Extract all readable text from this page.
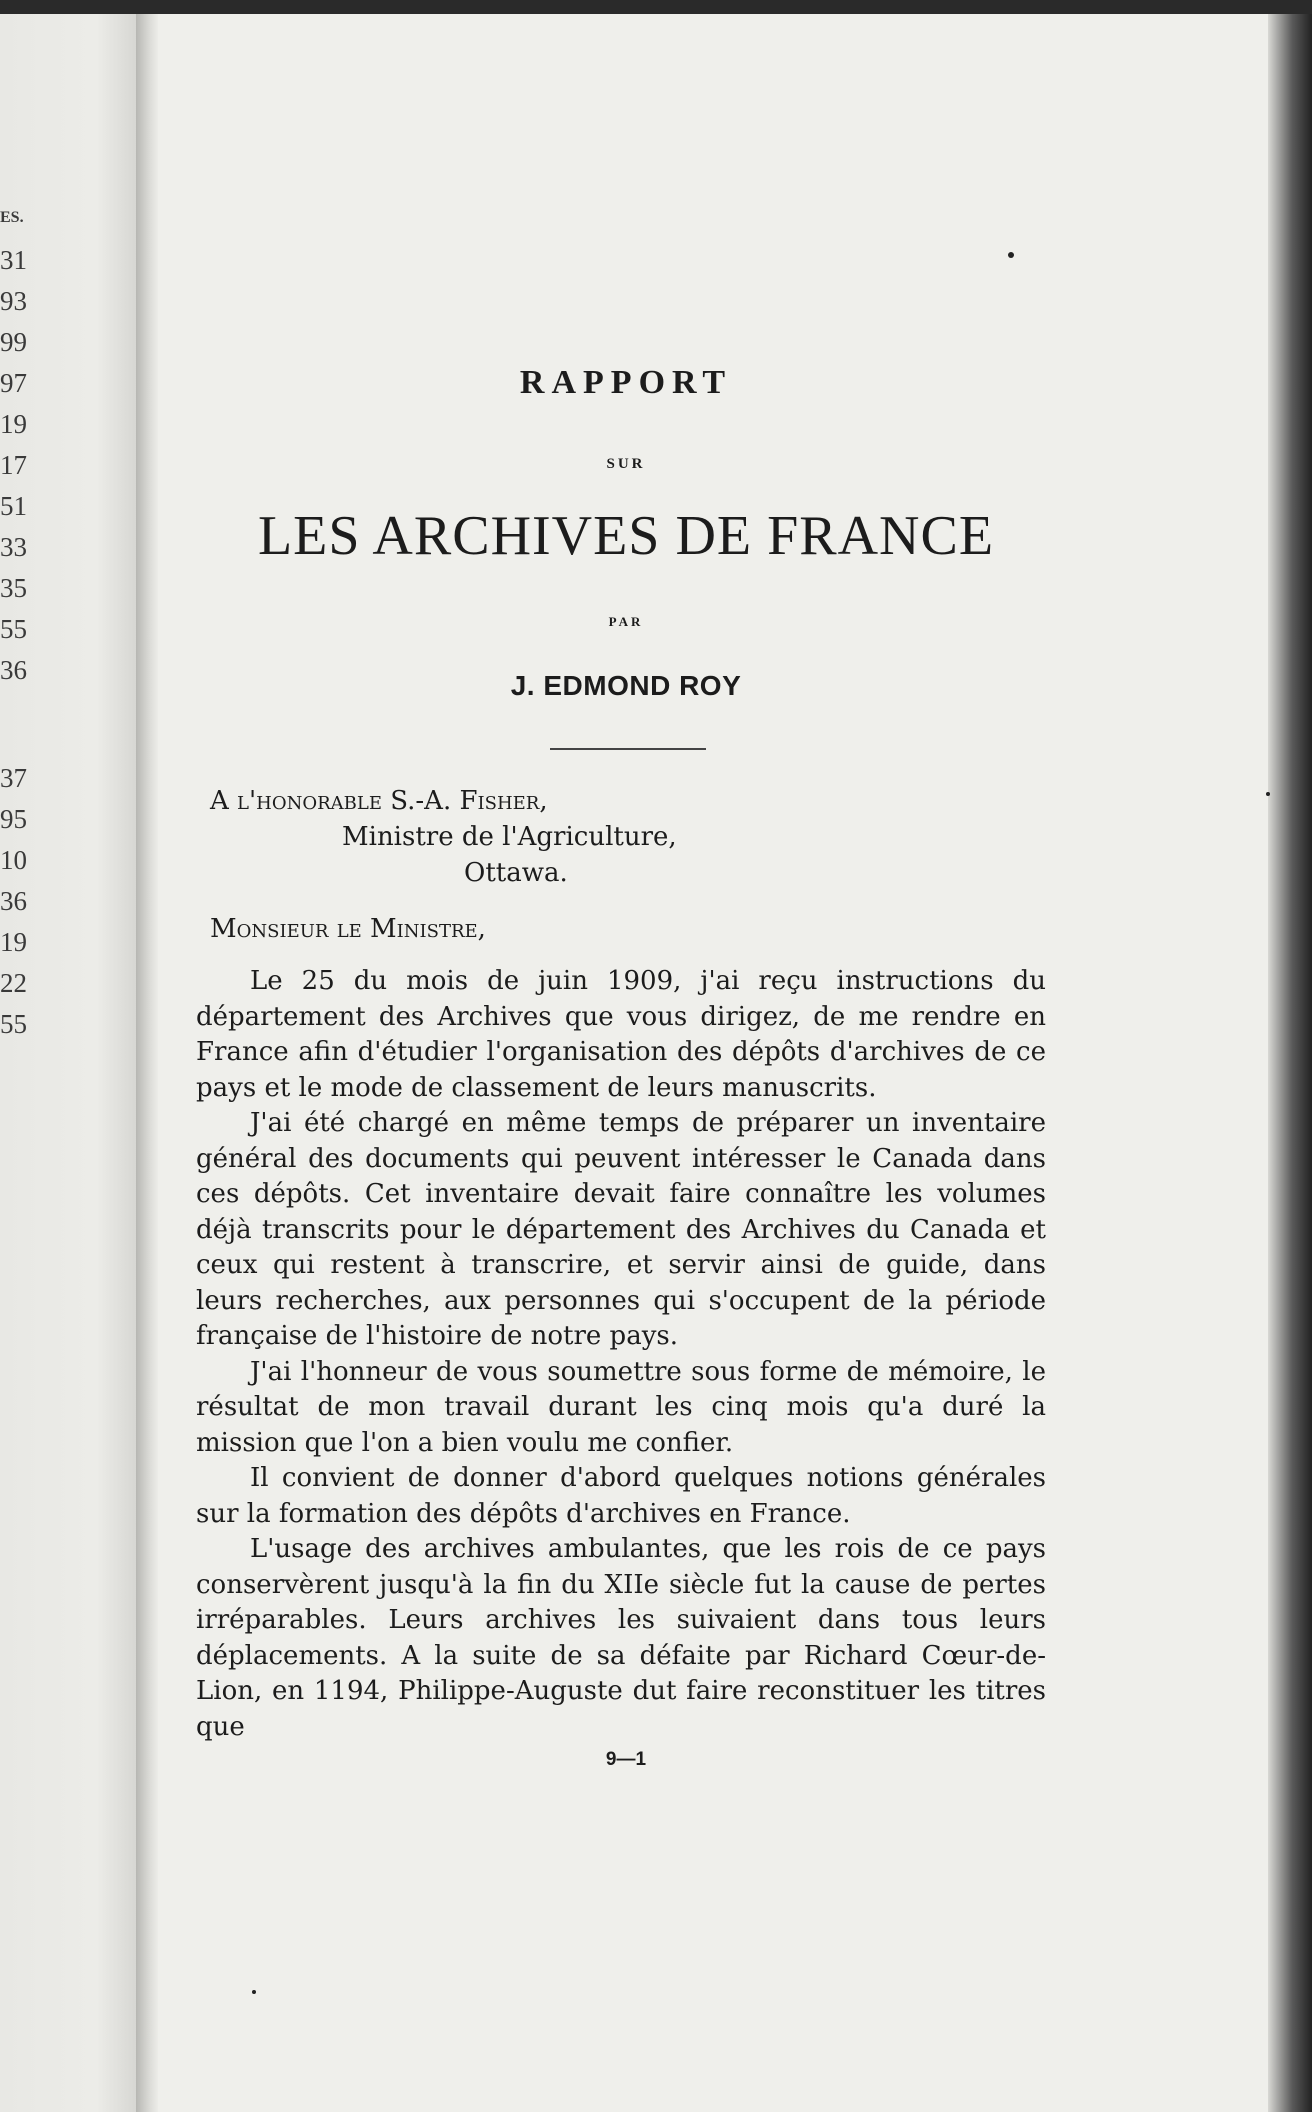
ES.
31
93
99
97
19
17
51
33
35
55
36
37
95
10
36
19
22
55
RAPPORT
SUR
LES ARCHIVES DE FRANCE
PAR
J. EDMOND ROY
A l'honorable S.-A. Fisher,
Ministre de l'Agriculture,
Ottawa.
Monsieur le Ministre,

Le 25 du mois de juin 1909, j'ai reçu instructions du département des Archives que vous dirigez, de me rendre en France afin d'étudier l'organisation des dépôts d'archives de ce pays et le mode de classement de leurs manuscrits.

J'ai été chargé en même temps de préparer un inventaire général des documents qui peuvent intéresser le Canada dans ces dépôts. Cet inventaire devait faire connaître les volumes déjà transcrits pour le département des Archives du Canada et ceux qui restent à transcrire, et servir ainsi de guide, dans leurs recherches, aux personnes qui s'occupent de la période française de l'histoire de notre pays.

J'ai l'honneur de vous soumettre sous forme de mémoire, le résultat de mon travail durant les cinq mois qu'a duré la mission que l'on a bien voulu me confier.

Il convient de donner d'abord quelques notions générales sur la formation des dépôts d'archives en France.

L'usage des archives ambulantes, que les rois de ce pays conservèrent jusqu'à la fin du XIIe siècle fut la cause de pertes irréparables. Leurs archives les suivaient dans tous leurs déplacements. A la suite de sa défaite par Richard Cœur-de-Lion, en 1194, Philippe-Auguste dut faire reconstituer les titres que

9—1
